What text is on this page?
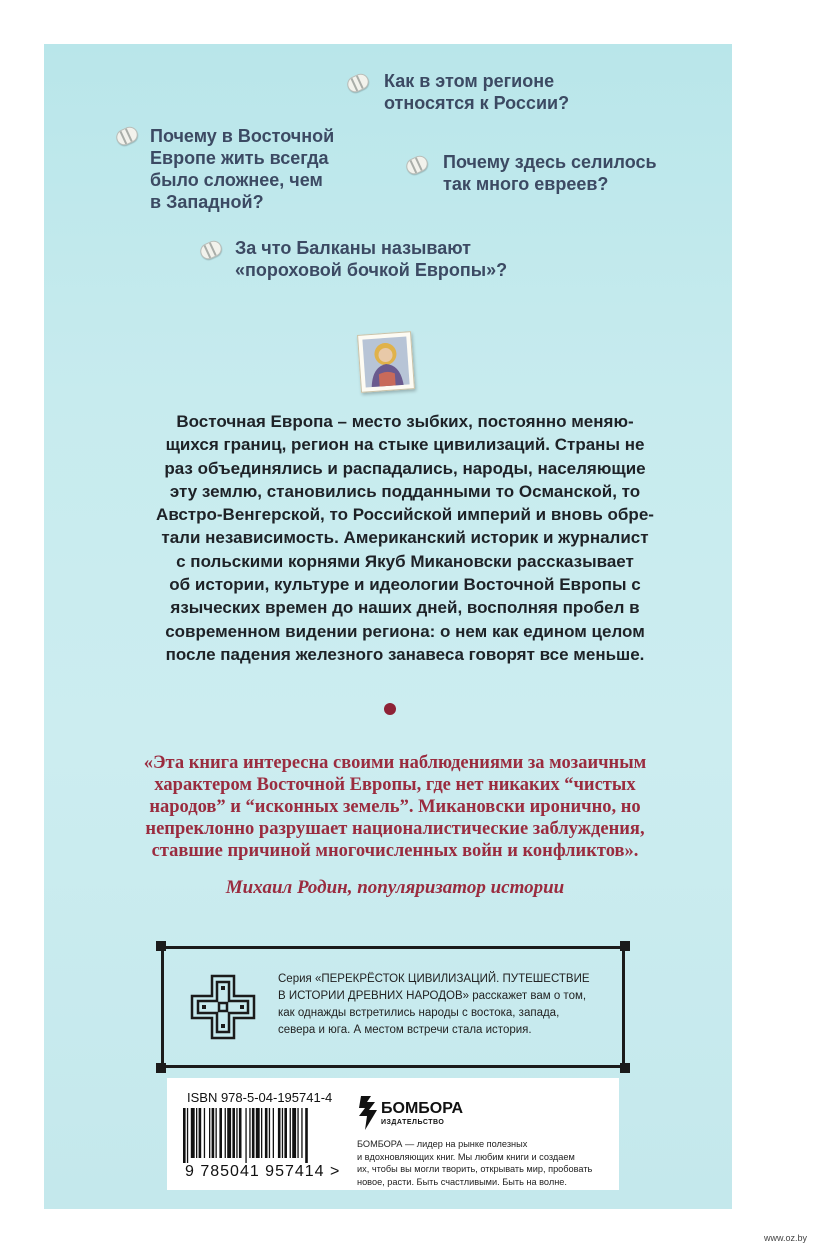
Как в этом регионе
относятся к России?
Почему в Восточной
Европе жить всегда
было сложнее, чем
в Западной?
Почему здесь селилось
так много евреев?
За что Балканы называют
«пороховой бочкой Европы»?
Восточная Европа – место зыбких, постоянно меняю-
щихся границ, регион на стыке цивилизаций. Страны не
раз объединялись и распадались, народы, населяющие
эту землю, становились подданными то Османской, то
Австро-Венгерской, то Российской империй и вновь обре-
тали независимость. Американский историк и журналист
с польскими корнями Якуб Микановски рассказывает
об истории, культуре и идеологии Восточной Европы с
языческих времен до наших дней, восполняя пробел в
современном видении региона: о нем как едином целом
после падения железного занавеса говорят все меньше.
«Эта книга интересна своими наблюдениями за мозаичным
характером Восточной Европы, где нет никаких “чистых
народов” и “исконных земель”. Микановски иронично, но
непреклонно разрушает националистические заблуждения,
ставшие причиной многочисленных войн и конфликтов».
Михаил Родин, популяризатор истории
Серия «ПЕРЕКРЁСТОК ЦИВИЛИЗАЦИЙ. ПУТЕШЕСТВИЕ
В ИСТОРИИ ДРЕВНИХ НАРОДОВ» расскажет вам о том,
как однажды встретились народы с востока, запада,
севера и юга. А местом встречи стала история.
ISBN 978-5-04-195741-4
9 785041 957414 >
БОМБОРА
ИЗДАТЕЛЬСТВО
БОМБОРА — лидер на рынке полезных
и вдохновляющих книг. Мы любим книги и создаем
их, чтобы вы могли творить, открывать мир, пробовать
новое, расти. Быть счастливыми. Быть на волне.
www.oz.by
